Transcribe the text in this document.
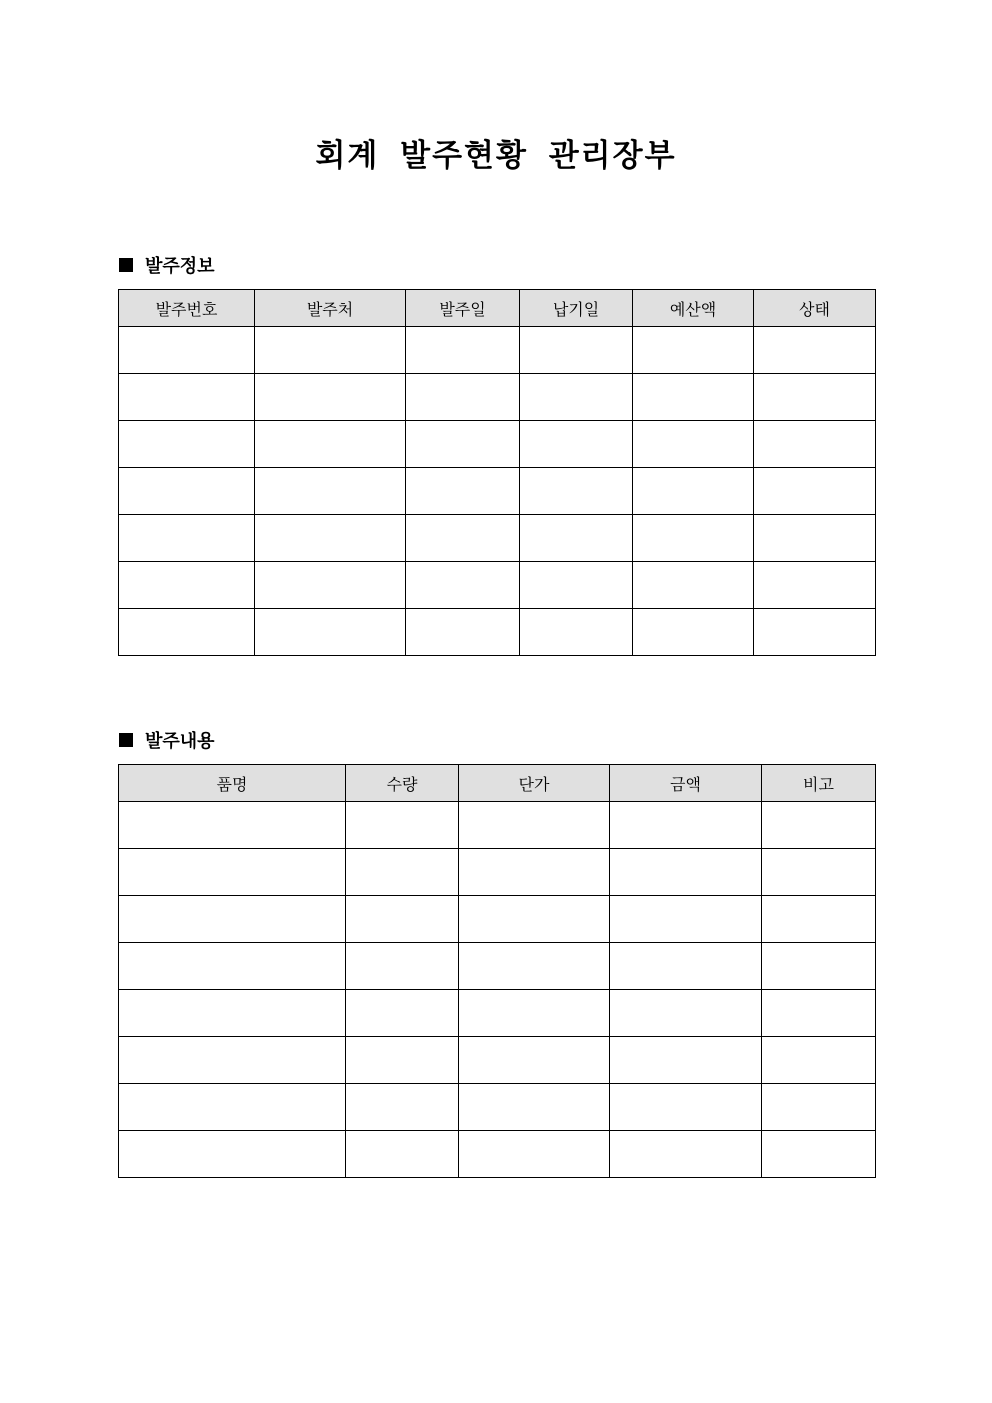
회계 발주현황 관리장부
발주정보
발주번호	발주처	발주일	납기일	예산액	상태

발주내용
품명	수량	단가	금액	비고
